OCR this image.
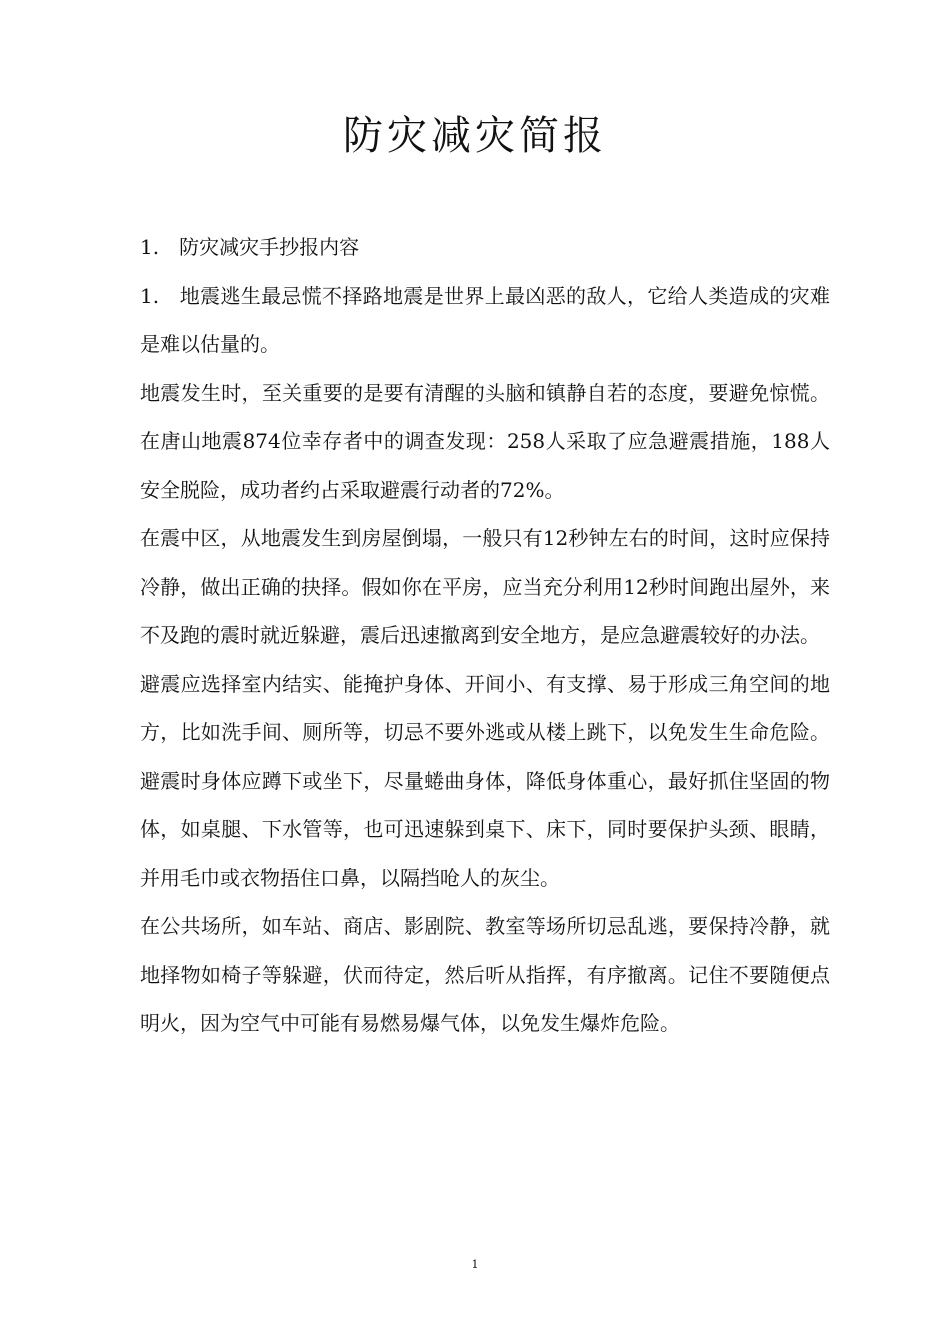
防灾减灾简报

1.　防灾减灾手抄报内容

1.　地震逃生最忌慌不择路地震是世界上最凶恶的敌人，它给人类造成的灾难是难以估量的。

地震发生时，至关重要的是要有清醒的头脑和镇静自若的态度，要避免惊慌。在唐山地震874位幸存者中的调查发现：258人采取了应急避震措施，188人安全脱险，成功者约占采取避震行动者的72%。

在震中区，从地震发生到房屋倒塌，一般只有12秒钟左右的时间，这时应保持冷静，做出正确的抉择。假如你在平房，应当充分利用12秒时间跑出屋外，来不及跑的震时就近躲避，震后迅速撤离到安全地方，是应急避震较好的办法。

避震应选择室内结实、能掩护身体、开间小、有支撑、易于形成三角空间的地方，比如洗手间、厕所等，切忌不要外逃或从楼上跳下，以免发生生命危险。避震时身体应蹲下或坐下，尽量蜷曲身体，降低身体重心，最好抓住坚固的物体，如桌腿、下水管等，也可迅速躲到桌下、床下，同时要保护头颈、眼睛，并用毛巾或衣物捂住口鼻，以隔挡呛人的灰尘。

在公共场所，如车站、商店、影剧院、教室等场所切忌乱逃，要保持冷静，就地择物如椅子等躲避，伏而待定，然后听从指挥，有序撤离。记住不要随便点明火，因为空气中可能有易燃易爆气体，以免发生爆炸危险。

1
